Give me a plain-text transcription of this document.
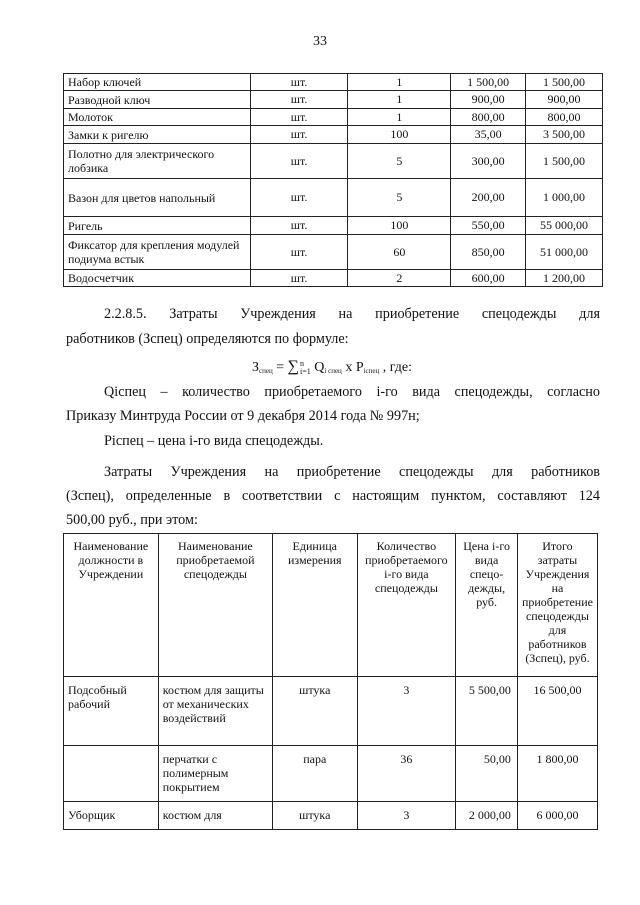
33
Набор ключей	шт.	1	1 500,00	1 500,00
Разводной ключ	шт.	1	900,00	900,00
Молоток	шт.	1	800,00	800,00
Замки к ригелю	шт.	100	35,00	3 500,00
Полотно для электрического лобзика	шт.	5	300,00	1 500,00
Вазон для цветов напольный	шт.	5	200,00	1 000,00
Ригель	шт.	100	550,00	55 000,00
Фиксатор для крепления модулей подиума встык	шт.	60	850,00	51 000,00
Водосчетчик	шт.	2	600,00	1 200,00
2.2.8.5. Затраты Учреждения на приобретение спецодежды для
работников (Зспец) определяются по формуле:
$З_{спец}$ = ∑ n
i=1 $Q_{i спец}$ x $P_{iспец}$ , где:
Qiспец – количество приобретаемого i-го вида спецодежды, согласно
Приказу Минтруда России от 9 декабря 2014 года № 997н;
Piспец – цена i-го вида спецодежды.
Затраты Учреждения на приобретение спецодежды для работников
(Зспец), определенные в соответствии с настоящим пунктом, составляют 124
500,00 руб., при этом:
Наименование должности в Учреждении	Наименование приобретаемой спецодежды	Единица измерения	Количество приобретаемого i-го вида спецодежды	Цена i-го вида спецо-дежды, руб.	Итого затраты Учреждения на приобретение спецодежды для работников (Зспец), руб.
Подсобный рабочий	костюм для защиты от механических воздействий	штука	3	5 500,00	16 500,00
	перчатки с полимерным покрытием	пара	36	50,00	1 800,00
Уборщик	костюм для	штука	3	2 000,00	6 000,00
